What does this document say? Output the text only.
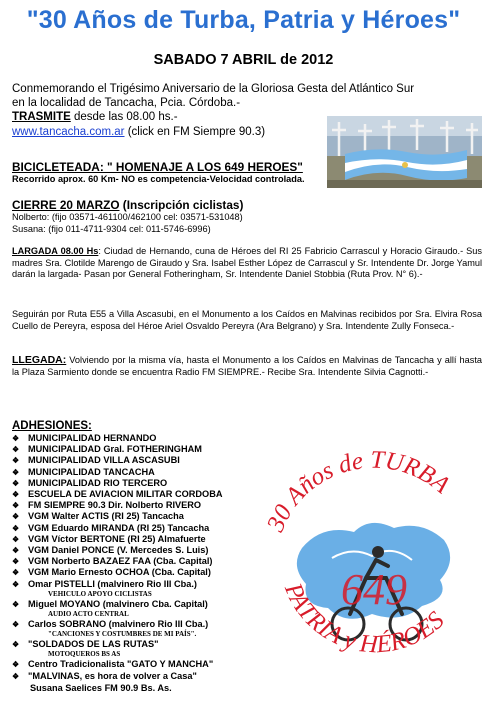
"30 Años de Turba, Patria y Héroes"
SABADO 7 ABRIL de 2012
Conmemorando el Trigésimo Aniversario de la Gloriosa Gesta del Atlántico Sur
en la localidad de Tancacha, Pcia. Córdoba.-
TRASMITE desde las 08.00 hs.-
www.tancacha.com.ar (click en FM Siempre 90.3)
BICICLETEADA: " HOMENAJE A LOS 649 HEROES"
Recorrido aprox. 60 Km- NO es competencia-Velocidad controlada.
CIERRE 20 MARZO (Inscripción ciclistas)
Nolberto: (fijo 03571-461100/462100 cel: 03571-531048)
Susana: (fijo 011-4711-9304 cel: 011-5746-6996)
LARGADA 08.00 Hs: Ciudad de Hernando, cuna de Héroes del RI 25 Fabricio Carrascul y Horacio Giraudo.- Sus madres Sra. Clotilde Marengo de Giraudo y Sra. Isabel Esther López de Carrascul y Sr. Intendente Dr. Jorge Yamul darán la largada- Pasan por General Fotheringham, Sr. Intendente Daniel Stobbia (Ruta Prov. N° 6).-
Seguirán por Ruta E55 a Villa Ascasubi, en el Monumento a los Caídos en Malvinas recibidos por Sra. Elvira Rosa Cuello de Pereyra, esposa del Héroe Ariel Osvaldo Pereyra (Ara Belgrano) y Sra. Intendente Zully Fonseca.-
LLEGADA: Volviendo por la misma vía, hasta el Monumento a los Caídos en Malvinas de Tancacha y allí hasta la Plaza Sarmiento donde se encuentra Radio FM SIEMPRE.- Recibe Sra. Intendente Silvia Cagnotti.-
ADHESIONES:
❖ MUNICIPALIDAD HERNANDO
❖ MUNICIPALIDAD Gral. FOTHERINGHAM
❖ MUNICIPALIDAD VILLA ASCASUBI
❖ MUNICIPALIDAD TANCACHA
❖ MUNICIPALIDAD RIO TERCERO
❖ ESCUELA DE AVIACION MILITAR CORDOBA
❖ FM SIEMPRE 90.3 Dir. Nolberto RIVERO
❖ VGM Walter ACTIS (RI 25) Tancacha
❖ VGM Eduardo MIRANDA (RI 25) Tancacha
❖ VGM Víctor BERTONE (RI 25) Almafuerte
❖ VGM Daniel PONCE (V. Mercedes S. Luis)
❖ VGM Norberto BAZAEZ FAA (Cba. Capital)
❖ VGM Mario Ernesto OCHOA (Cba. Capital)
❖ Omar PISTELLI (malvinero Rio III Cba.)
VEHICULO APOYO CICLISTAS
❖ Miguel MOYANO (malvinero Cba. Capital)
AUDIO ACTO CENTRAL
❖ Carlos SOBRANO (malvinero Rio III Cba.)
"CANCIONES Y COSTUMBRES DE MI PAÍS".
❖ "SOLDADOS DE LAS RUTAS"
MOTOQUEROS BS AS
❖ Centro Tradicionalista "GATO Y MANCHA"
❖ "MALVINAS, es hora de volver a Casa"
Susana Saelices FM 90.9 Bs. As.
30 Años de TURBA
PATRIA y HÉROES
649
